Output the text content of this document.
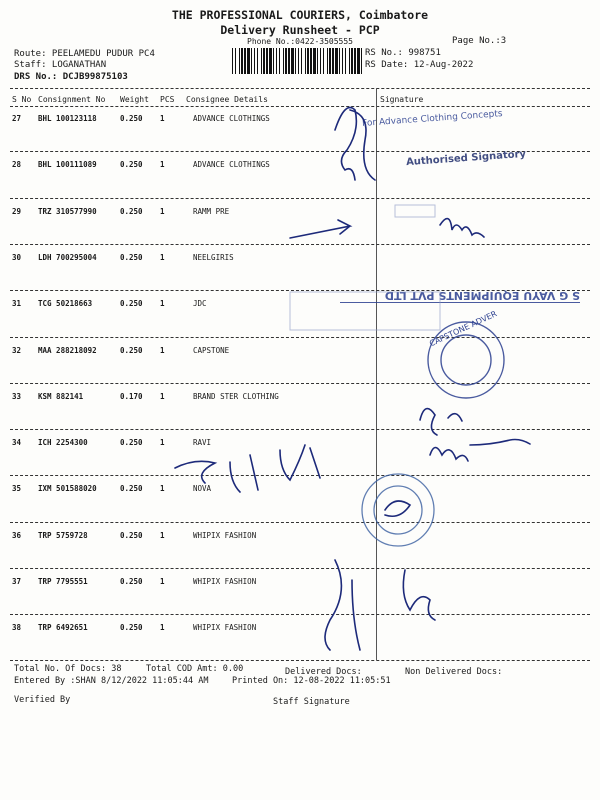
THE PROFESSIONAL COURIERS, Coimbatore
Delivery Runsheet - PCP
Phone No.:0422-3505555	Page No.:3
Route: PEELAMEDU PUDUR PC4
Staff: LOGANATHAN
DRS No.: DCJB99875103
RS No.: 998751
RS Date: 12-Aug-2022
S No Consignment No Weight PCS Consignee Details	Signature
27 BHL 100123118	0.250 1	ADVANCE CLOTHINGS
28 BHL 100111089	0.250 1	ADVANCE CLOTHINGS
29 TRZ 310577990	0.250 1	RAMM PRE
30 LDH 700295004	0.250 1	NEELGIRIS
31 TCG 50218663	0.250 1	JDC
32 MAA 288218092	0.250 1	CAPSTONE
33 KSM 882141	0.170 1	BRAND STER CLOTHING
34 ICH 2254300	0.250 1	RAVI
35 IXM 501588020	0.250 1	NOVA
36 TRP 5759728	0.250 1	WHIPIX FASHION
37 TRP 7795551	0.250 1	WHIPIX FASHION
38 TRP 6492651	0.250 1	WHIPIX FASHION
For Advance Clothing Concepts
Authorised Signatory
S G VAYU EQUIPMENTS PVT LTD
CAPSTONE ADVER
Total No. Of Docs: 38	Total COD Amt: 0.00	Delivered Docs:	Non Delivered Docs:
Entered By :SHAN 8/12/2022 11:05:44 AM	Printed On: 12-08-2022 11:05:51
Verified By	Staff Signature
